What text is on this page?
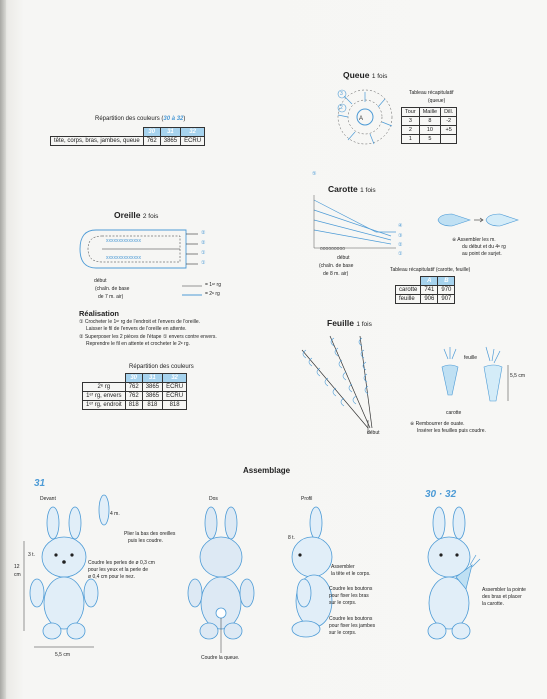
Répartition des couleurs (30 à 32)
	30	31	32
tête, corps, bras, jambes, queue	762	3865	ÉCRU
Queue 1 fois
A
3
2
Tableau récapitulatif
(queue)
Tour	Maille	Dill.
3	8	-2
2	10	+5
1	5	
Carotte 1 fois
ooooooooo
⑤
④
③
②
①
début
(chaîn. de base
de 8 m. air)
※ Assembler les m.
du début et du 4ᵉ rg
au point de surjet.
Tableau récapitulatif (carotte, feuille)
	A	B
carotte	741	970
feuille	906	907
Oreille 2 fois
xxxxxxxxxxxxxx
xxxxxxxxxxxxxx
②
②
①
①
début
(chaîn. de base
de 7 m. air)
= 1ᵉʳ rg
= 2ᵉ rg
Réalisation
① Crocheter le 1ᵉʳ rg de l'endroit et l'envers de l'oreille.
Laisser le fil de l'envers de l'oreille en attente.
② Superposer les 2 pièces de l'étape ① envers contre envers.
Reprendre le fil en attente et crocheter le 2ᵉ rg.
Répartition des couleurs
	30	31	32
2ᵉ rg	762	3865	ÉCRU
1ᵉʳ rg, envers	762	3865	ÉCRU
1ᵉʳ rg, endroit	818	818	818
Feuille 1 fois
début
feuille
5,5 cm
carotte
※ Rembourrer de ouate.
Insérer les feuilles puis coudre.
Assemblage
31
30 · 32
Devant	Dos	Profil
4 m.
Plier la bas des oreilles
puis les coudre.
Coudre les perles de ø 0,3 cm
pour les yeux et la perle de
ø 0,4 cm pour le nez.
3 t.
12
cm
5,5 cm	Coudre la queue.
8 t.
Assembler
la tête et le corps.
Coudre les boutons
pour fixer les bras
sur le corps.
Coudre les boutons
pour fixer les jambes
sur le corps.
Assembler la pointe
des bras et placer
la carotte.
